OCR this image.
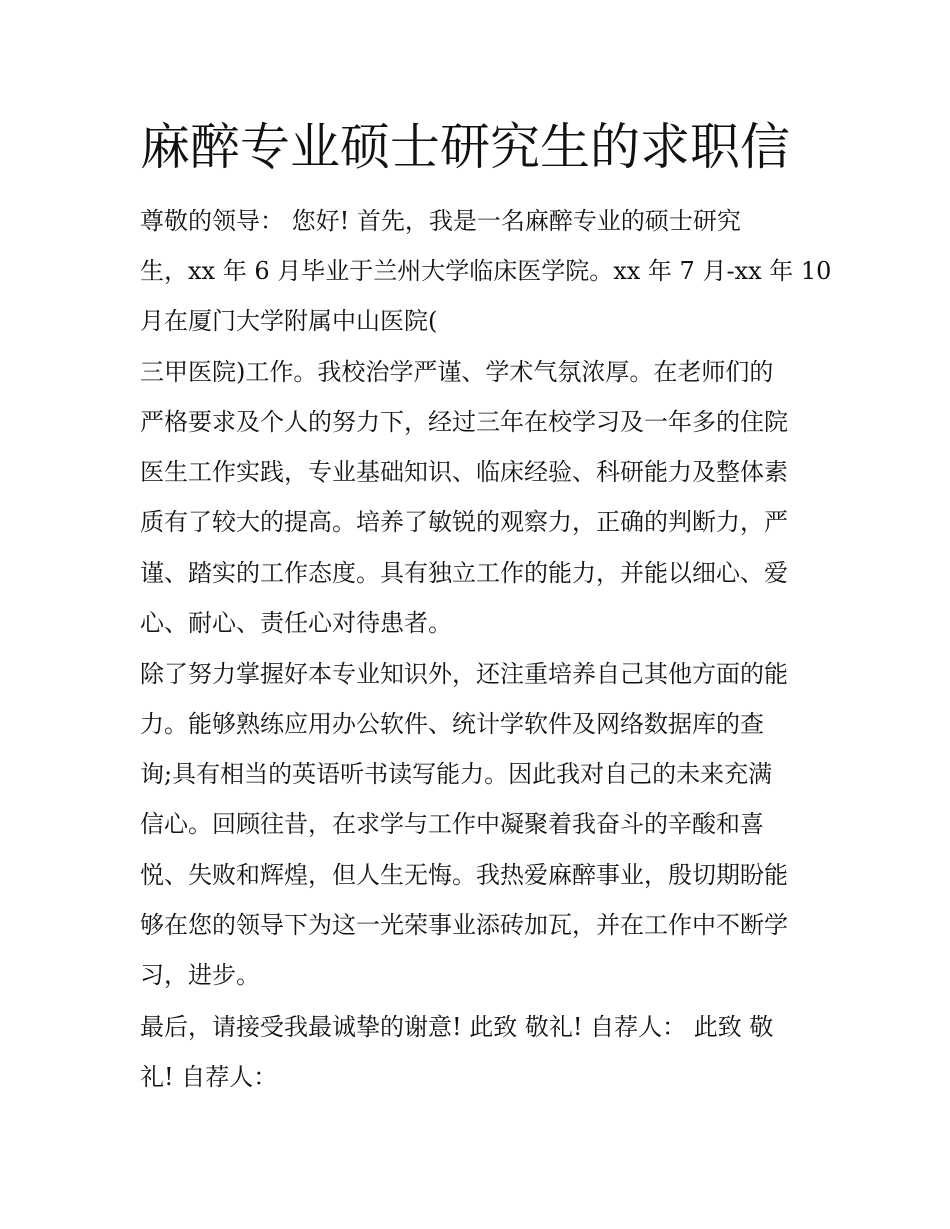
麻醉专业硕士研究生的求职信

尊敬的领导： 您好! 首先，我是一名麻醉专业的硕士研究

生，xx 年 6 月毕业于兰州大学临床医学院。xx 年 7 月-xx 年 10

月在厦门大学附属中山医院(

三甲医院)工作。我校治学严谨、学术气氛浓厚。在老师们的

严格要求及个人的努力下，经过三年在校学习及一年多的住院

医生工作实践，专业基础知识、临床经验、科研能力及整体素

质有了较大的提高。培养了敏锐的观察力，正确的判断力，严

谨、踏实的工作态度。具有独立工作的能力，并能以细心、爱

心、耐心、责任心对待患者。

除了努力掌握好本专业知识外，还注重培养自己其他方面的能

力。能够熟练应用办公软件、统计学软件及网络数据库的查

询;具有相当的英语听书读写能力。因此我对自己的未来充满

信心。回顾往昔，在求学与工作中凝聚着我奋斗的辛酸和喜

悦、失败和辉煌，但人生无悔。我热爱麻醉事业，殷切期盼能

够在您的领导下为这一光荣事业添砖加瓦，并在工作中不断学

习，进步。

最后，请接受我最诚挚的谢意! 此致 敬礼! 自荐人： 此致 敬

礼! 自荐人：
